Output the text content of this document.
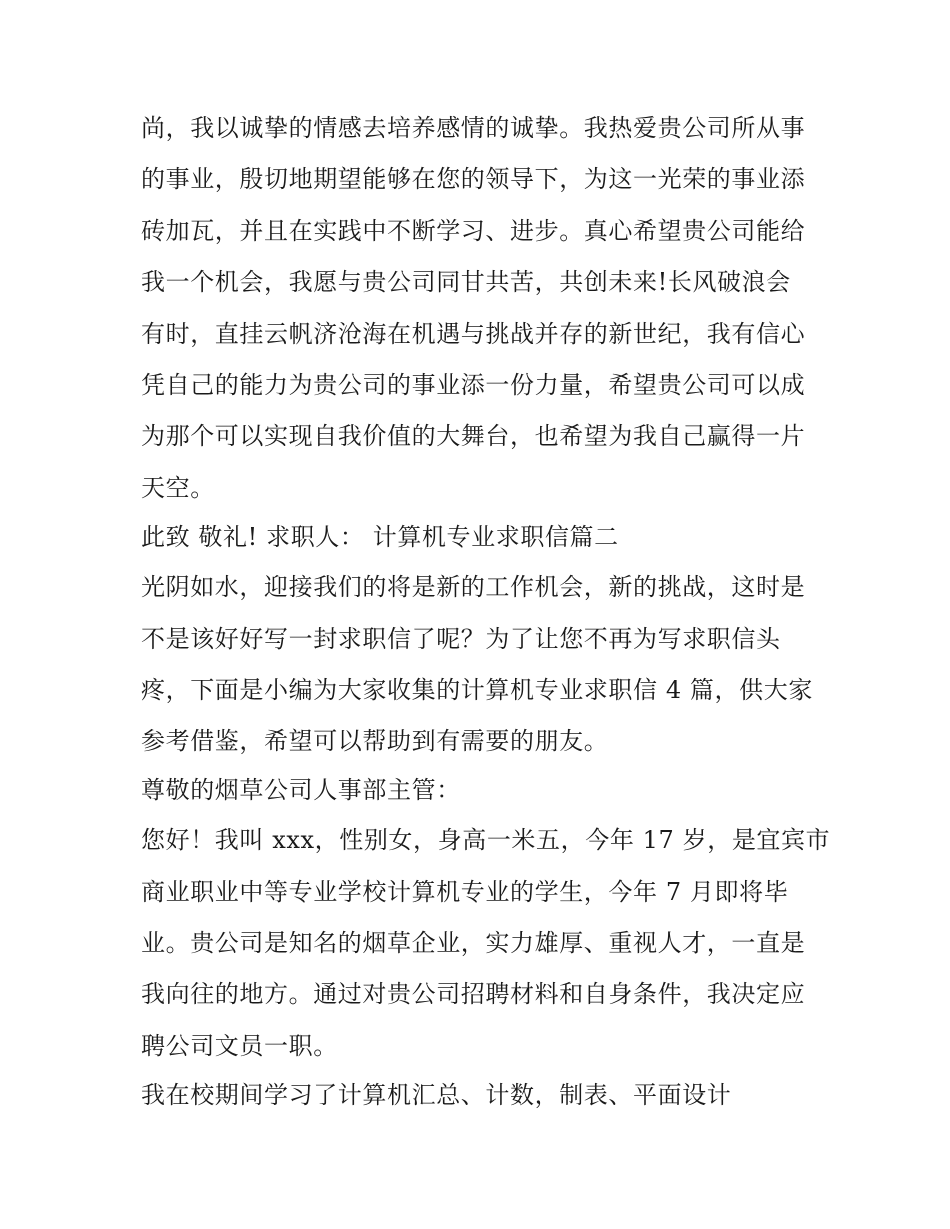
尚，我以诚挚的情感去培养感情的诚挚。我热爱贵公司所从事
的事业，殷切地期望能够在您的领导下，为这一光荣的事业添
砖加瓦，并且在实践中不断学习、进步。真心希望贵公司能给
我一个机会，我愿与贵公司同甘共苦，共创未来!长风破浪会
有时，直挂云帆济沧海在机遇与挑战并存的新世纪，我有信心
凭自己的能力为贵公司的事业添一份力量，希望贵公司可以成
为那个可以实现自我价值的大舞台，也希望为我自己赢得一片
天空。
此致 敬礼! 求职人： 计算机专业求职信篇二
光阴如水，迎接我们的将是新的工作机会，新的挑战，这时是
不是该好好写一封求职信了呢？为了让您不再为写求职信头
疼，下面是小编为大家收集的计算机专业求职信 4 篇，供大家
参考借鉴，希望可以帮助到有需要的朋友。
尊敬的烟草公司人事部主管：
您好！我叫 xxx，性别女，身高一米五，今年 17 岁，是宜宾市
商业职业中等专业学校计算机专业的学生，今年 7 月即将毕
业。贵公司是知名的烟草企业，实力雄厚、重视人才，一直是
我向往的地方。通过对贵公司招聘材料和自身条件，我决定应
聘公司文员一职。
我在校期间学习了计算机汇总、计数，制表、平面设计
